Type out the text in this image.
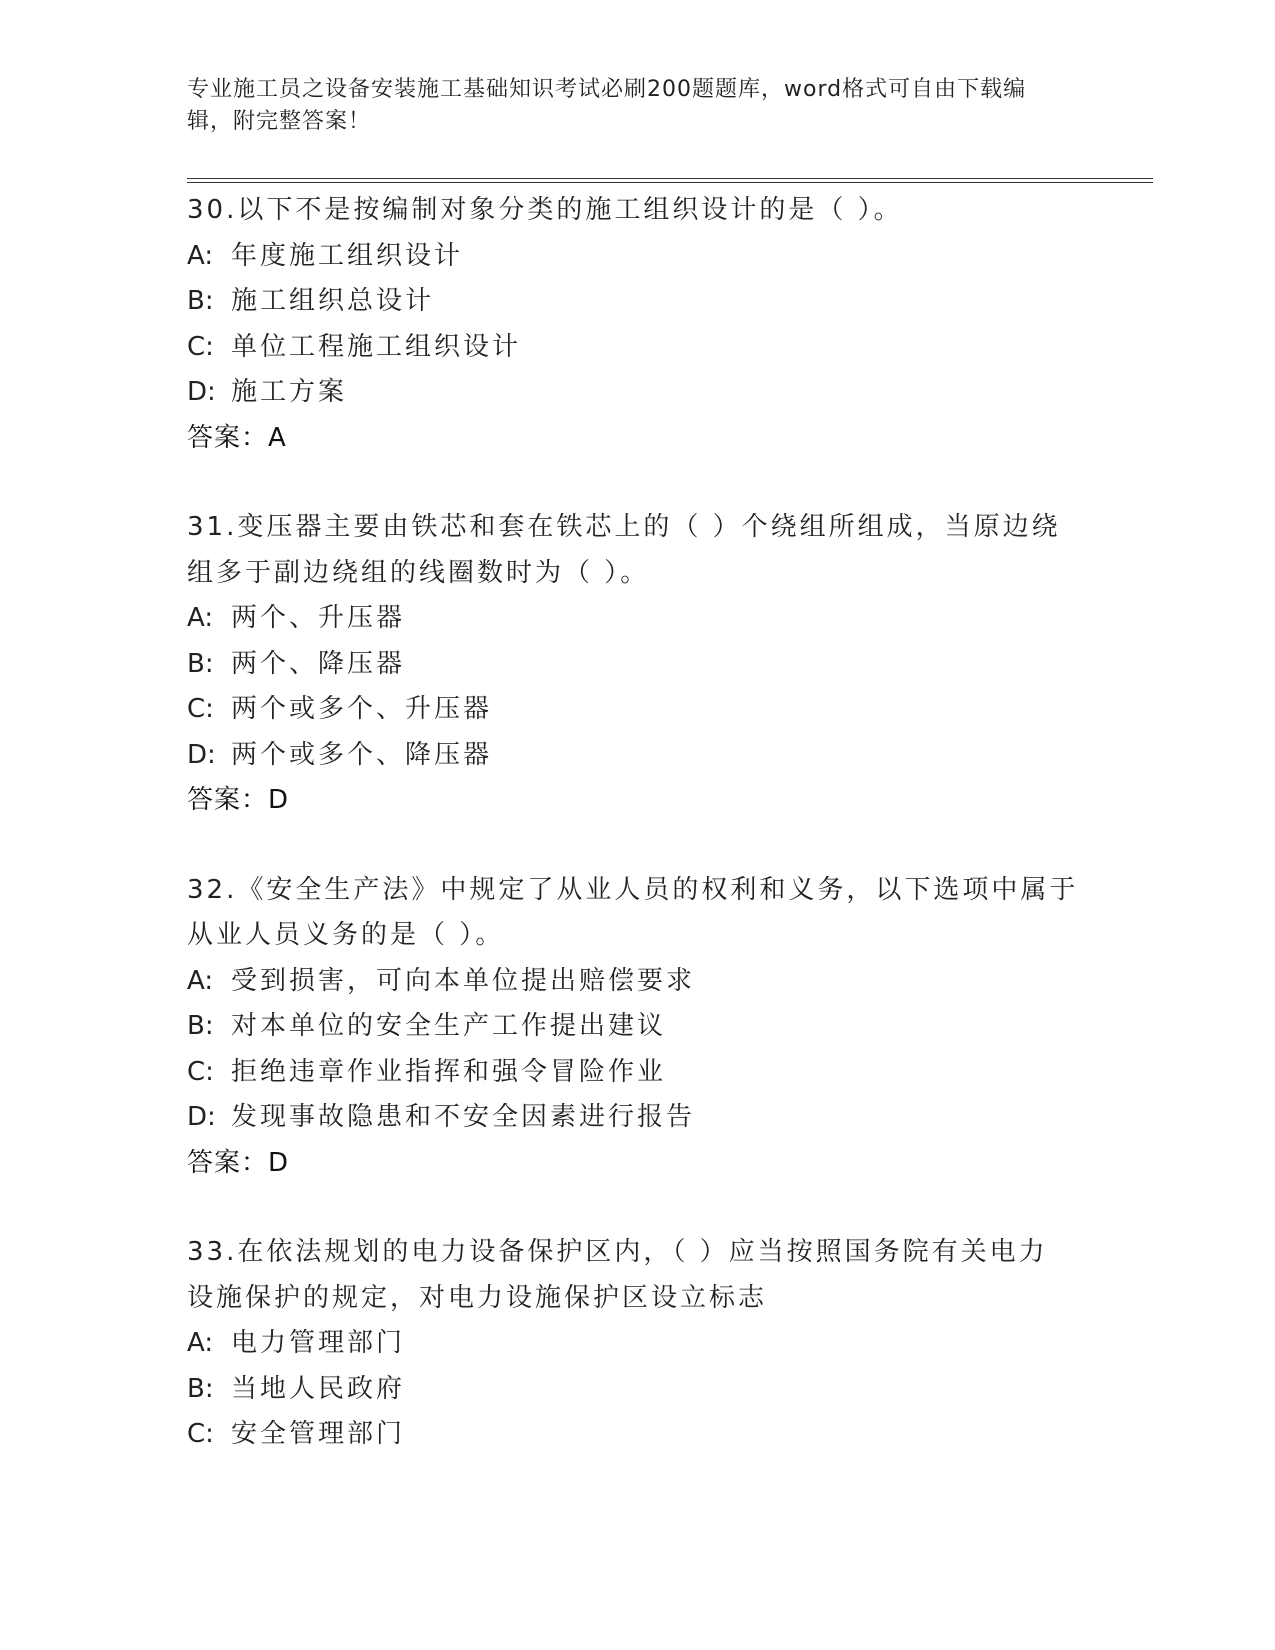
专业施工员之设备安装施工基础知识考试必刷200题题库，word格式可自由下载编辑，附完整答案！
30.以下不是按编制对象分类的施工组织设计的是（ ）。
A: 年度施工组织设计
B: 施工组织总设计
C: 单位工程施工组织设计
D: 施工方案
答案：A
31.变压器主要由铁芯和套在铁芯上的（ ）个绕组所组成，当原边绕
组多于副边绕组的线圈数时为（ ）。
A: 两个、升压器
B: 两个、降压器
C: 两个或多个、升压器
D: 两个或多个、降压器
答案：D
32.《安全生产法》中规定了从业人员的权利和义务，以下选项中属于
从业人员义务的是（ ）。
A: 受到损害，可向本单位提出赔偿要求
B: 对本单位的安全生产工作提出建议
C: 拒绝违章作业指挥和强令冒险作业
D: 发现事故隐患和不安全因素进行报告
答案：D
33.在依法规划的电力设备保护区内，（ ）应当按照国务院有关电力
设施保护的规定，对电力设施保护区设立标志
A: 电力管理部门
B: 当地人民政府
C: 安全管理部门
